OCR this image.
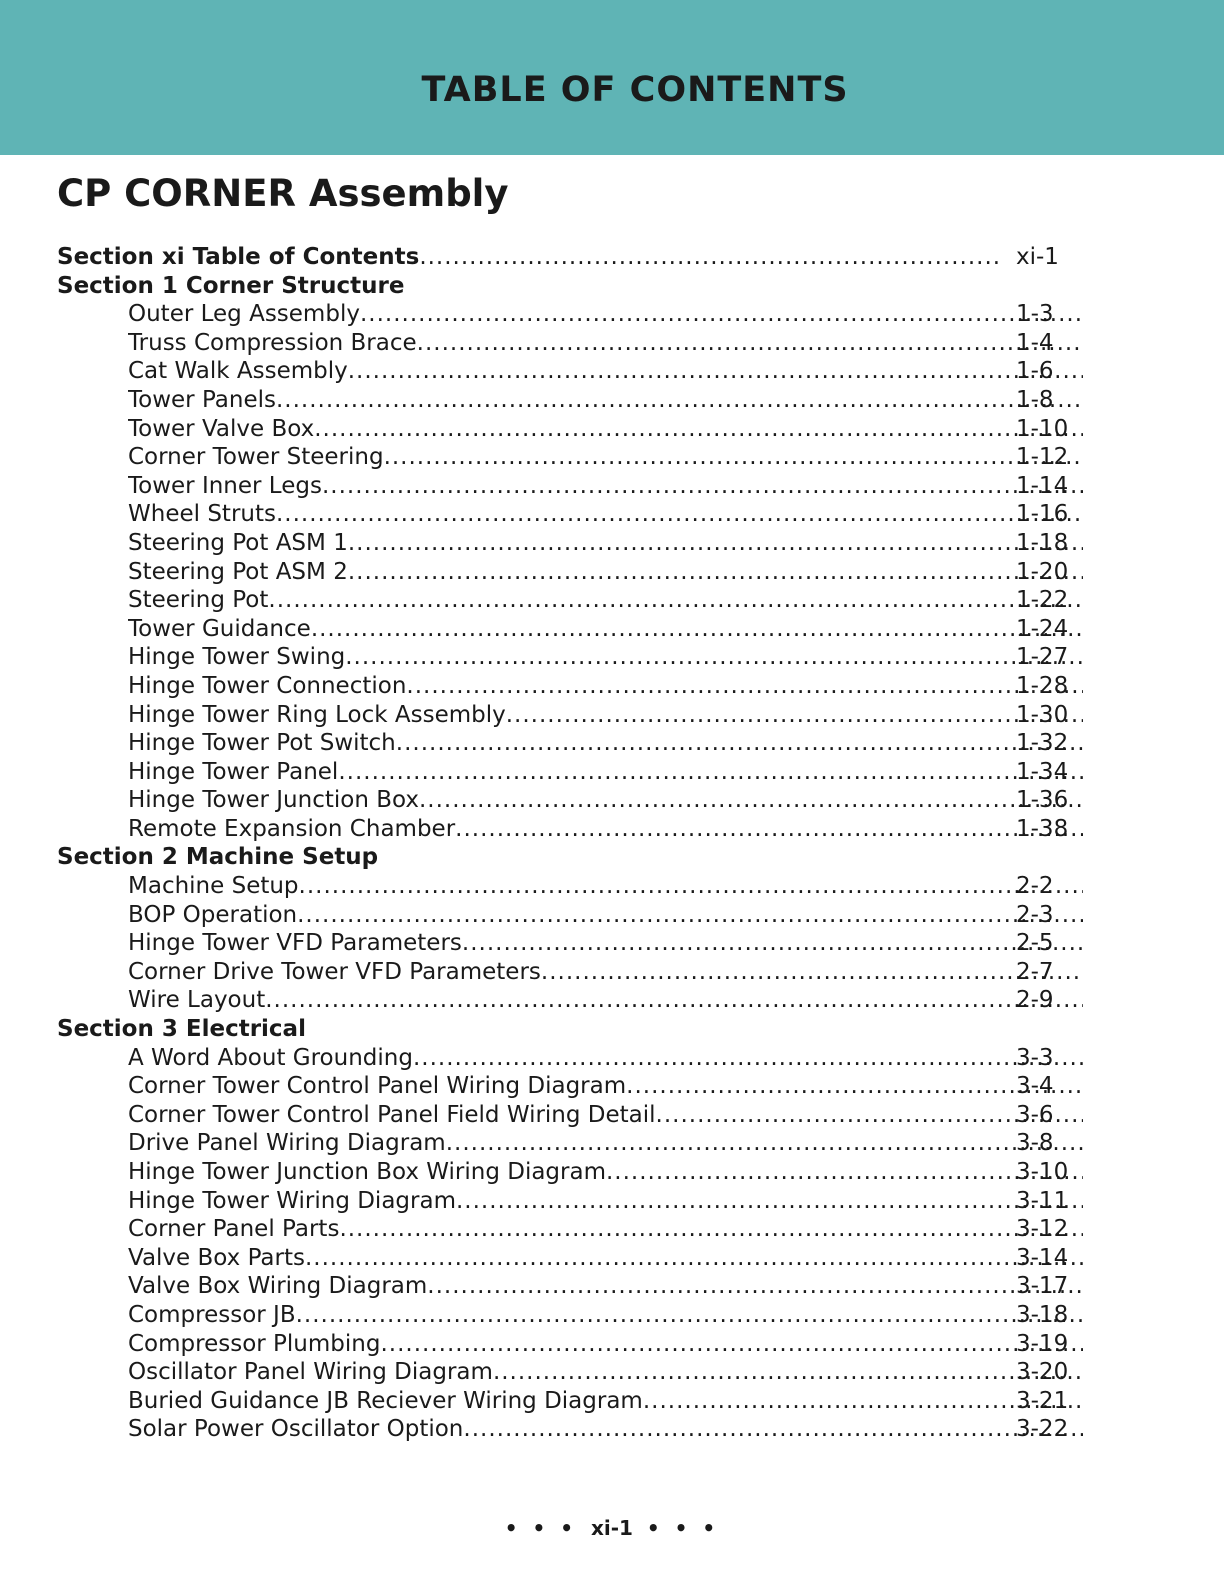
TABLE OF CONTENTS
CP CORNER Assembly
Section xi Table of Contents .....	xi-1
Section 1 Corner Structure
Outer Leg Assembly .....	1-3
Truss Compression Brace .....	1-4
Cat Walk Assembly .....	1-6
Tower Panels .....	1-8
Tower Valve Box .....	1-10
Corner Tower Steering .....	1-12
Tower Inner Legs .....	1-14
Wheel Struts .....	1-16
Steering Pot ASM 1 .....	1-18
Steering Pot ASM 2 .....	1-20
Steering Pot .....	1-22
Tower Guidance .....	1-24
Hinge Tower Swing .....	1-27
Hinge Tower Connection .....	1-28
Hinge Tower Ring Lock Assembly .....	1-30
Hinge Tower Pot Switch .....	1-32
Hinge Tower Panel .....	1-34
Hinge Tower Junction Box .....	1-36
Remote Expansion Chamber .....	1-38
Section 2 Machine Setup
Machine Setup .....	2-2
BOP Operation .....	2-3
Hinge Tower VFD Parameters .....	2-5
Corner Drive Tower VFD Parameters .....	2-7
Wire Layout .....	2-9
Section 3 Electrical
A Word About Grounding .....	3-3
Corner Tower Control Panel Wiring Diagram .....	3-4
Corner Tower Control Panel Field Wiring Detail .....	3-6
Drive Panel Wiring Diagram .....	3-8
Hinge Tower Junction Box Wiring Diagram .....	3-10
Hinge Tower Wiring Diagram .....	3-11
Corner Panel Parts .....	3-12
Valve Box Parts .....	3-14
Valve Box Wiring Diagram .....	3-17
Compressor JB .....	3-18
Compressor Plumbing .....	3-19
Oscillator Panel Wiring Diagram .....	3-20
Buried Guidance JB Reciever Wiring Diagram .....	3-21
Solar Power Oscillator Option .....	3-22
• • • xi-1 • • •
